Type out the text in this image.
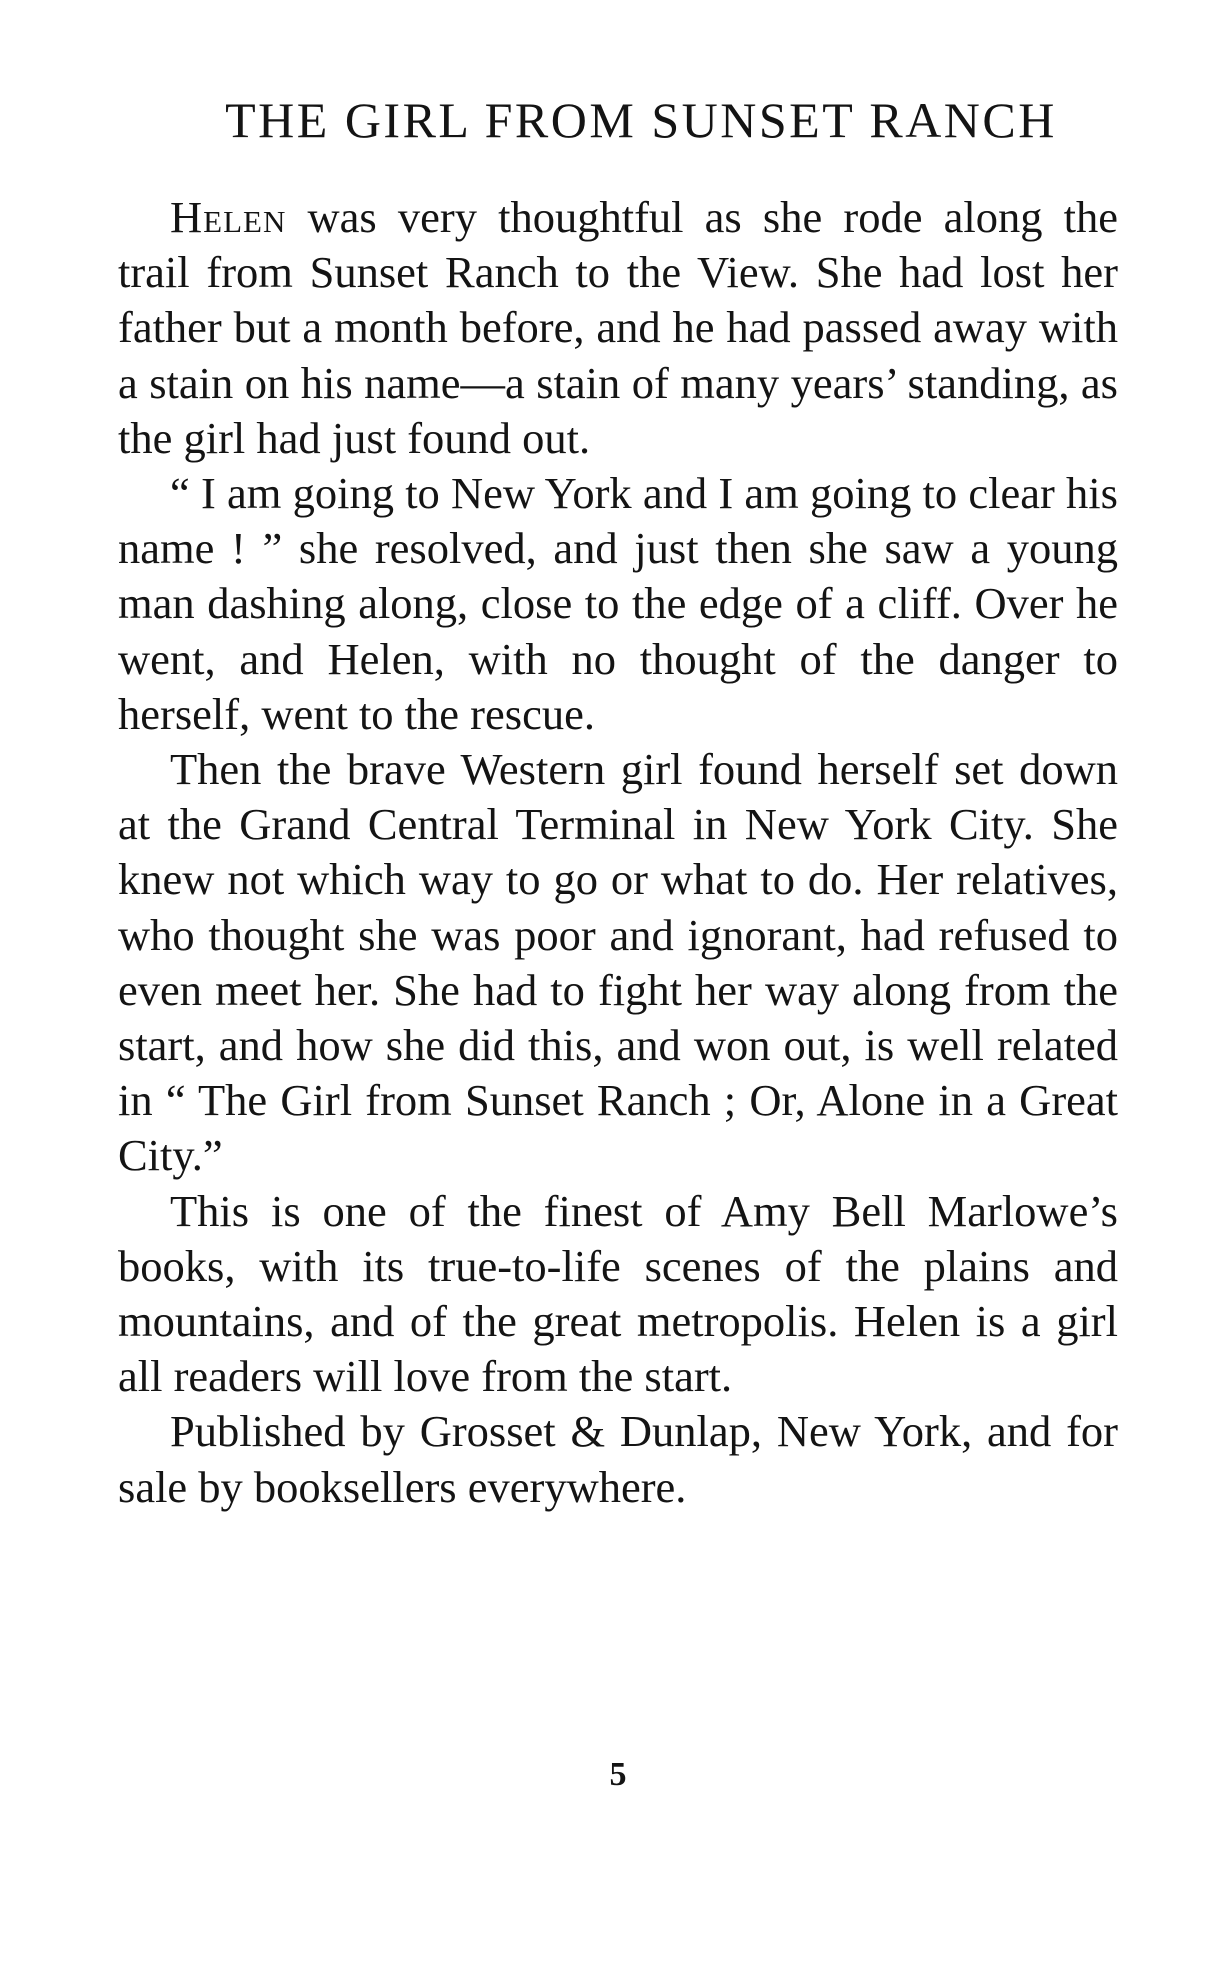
THE GIRL FROM SUNSET RANCH

Helen was very thoughtful as she rode along the trail from Sunset Ranch to the View. She had lost her father but a month before, and he had passed away with a stain on his name—a stain of many years’ standing, as the girl had just found out.

“ I am going to New York and I am going to clear his name ! ” she resolved, and just then she saw a young man dashing along, close to the edge of a cliff. Over he went, and Helen, with no thought of the danger to herself, went to the rescue.

Then the brave Western girl found herself set down at the Grand Central Terminal in New York City. She knew not which way to go or what to do. Her relatives, who thought she was poor and ignorant, had refused to even meet her. She had to fight her way along from the start, and how she did this, and won out, is well related in “ The Girl from Sunset Ranch ; Or, Alone in a Great City.”

This is one of the finest of Amy Bell Marlowe’s books, with its true-to-life scenes of the plains and mountains, and of the great metropolis. Helen is a girl all readers will love from the start.

Published by Grosset & Dunlap, New York, and for sale by booksellers everywhere.

5
